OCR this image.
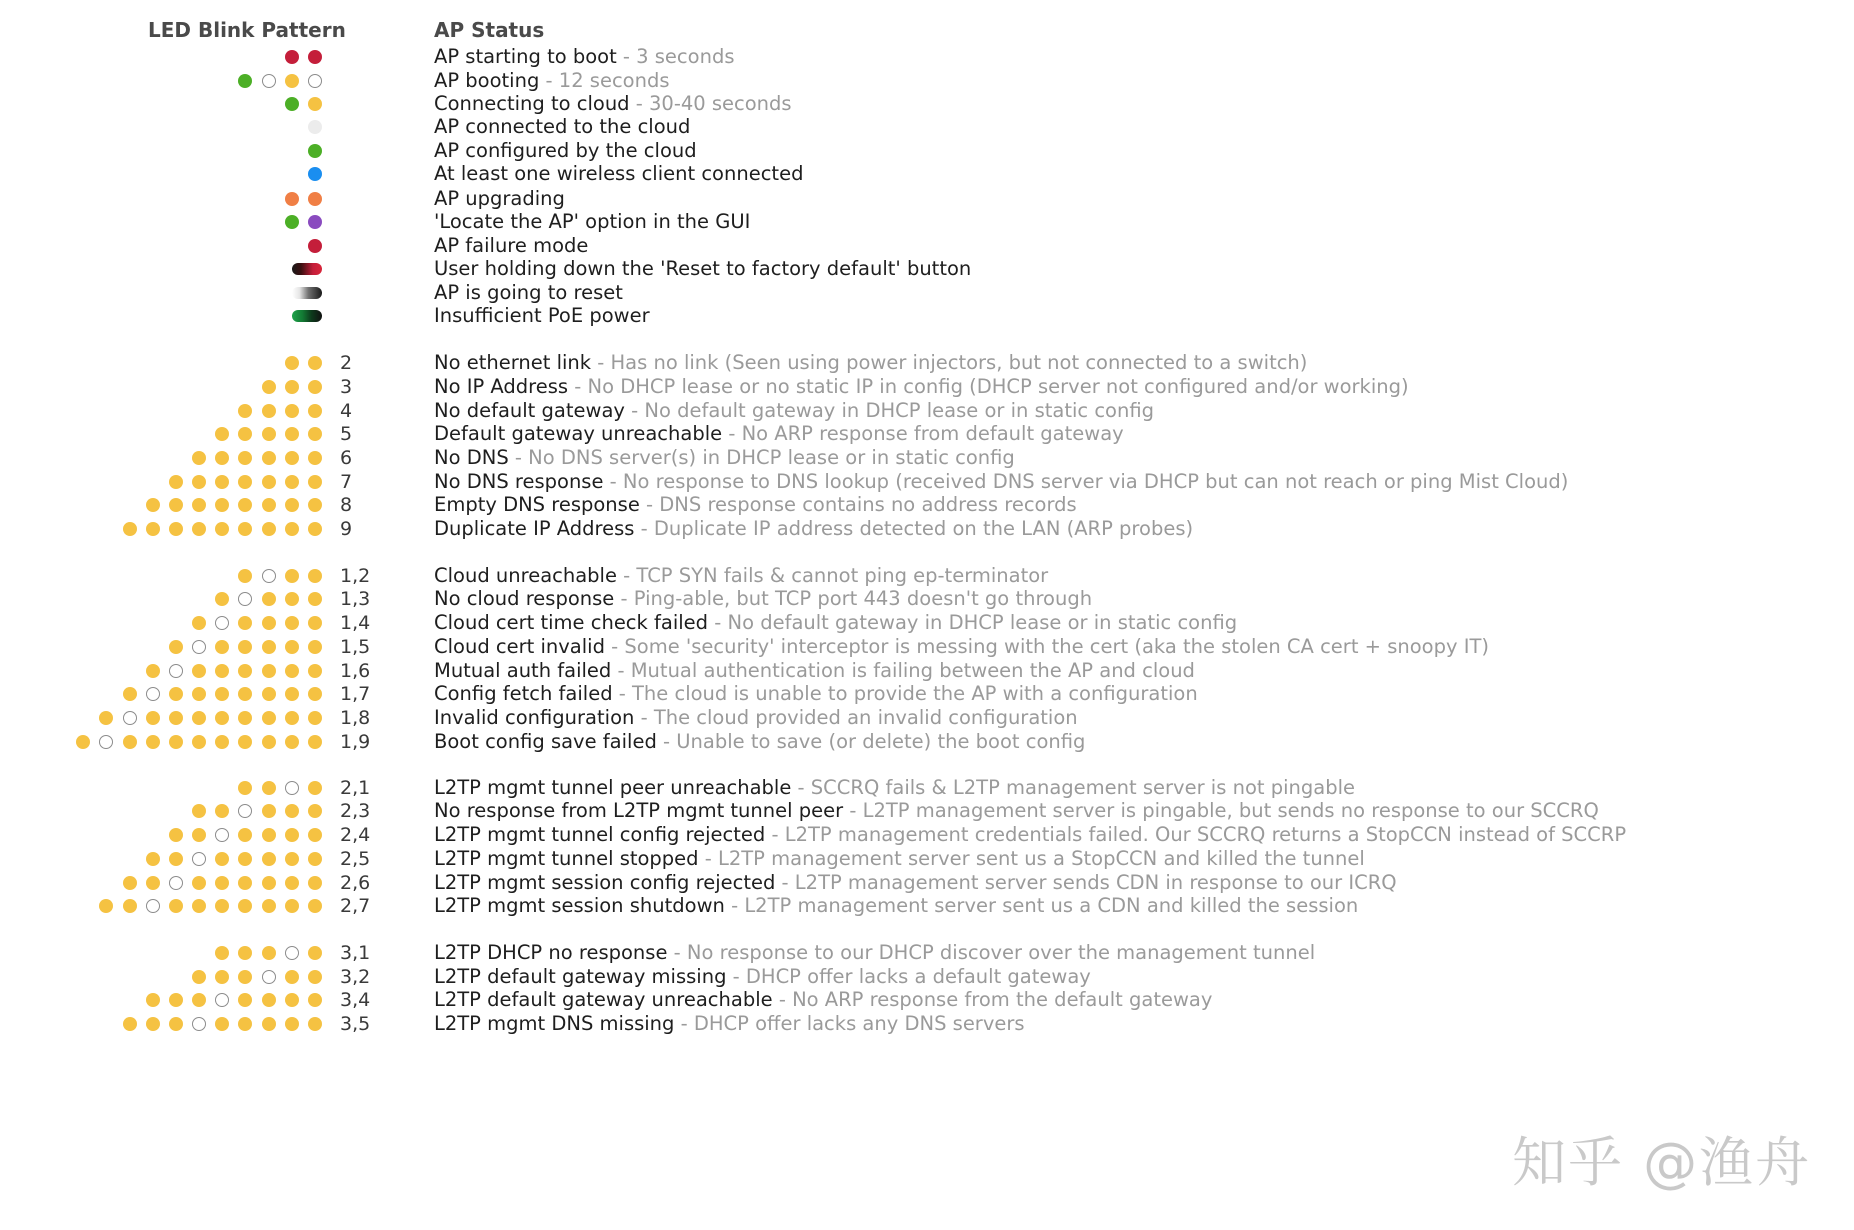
LED Blink Pattern	AP Status
AP starting to boot - 3 seconds
AP booting - 12 seconds
Connecting to cloud - 30-40 seconds
AP connected to the cloud
AP configured by the cloud
At least one wireless client connected
AP upgrading
'Locate the AP' option in the GUI
AP failure mode
User holding down the 'Reset to factory default' button
AP is going to reset
Insufficient PoE power
2	No ethernet link - Has no link (Seen using power injectors, but not connected to a switch)
3	No IP Address - No DHCP lease or no static IP in config (DHCP server not configured and/or working)
4	No default gateway - No default gateway in DHCP lease or in static config
5	Default gateway unreachable - No ARP response from default gateway
6	No DNS - No DNS server(s) in DHCP lease or in static config
7	No DNS response - No response to DNS lookup (received DNS server via DHCP but can not reach or ping Mist Cloud)
8	Empty DNS response - DNS response contains no address records
9	Duplicate IP Address - Duplicate IP address detected on the LAN (ARP probes)
1,2	Cloud unreachable - TCP SYN fails & cannot ping ep-terminator
1,3	No cloud response - Ping-able, but TCP port 443 doesn't go through
1,4	Cloud cert time check failed - No default gateway in DHCP lease or in static config
1,5	Cloud cert invalid - Some 'security' interceptor is messing with the cert (aka the stolen CA cert + snoopy IT)
1,6	Mutual auth failed - Mutual authentication is failing between the AP and cloud
1,7	Config fetch failed - The cloud is unable to provide the AP with a configuration
1,8	Invalid configuration - The cloud provided an invalid configuration
1,9	Boot config save failed - Unable to save (or delete) the boot config
2,1	L2TP mgmt tunnel peer unreachable - SCCRQ fails & L2TP management server is not pingable
2,3	No response from L2TP mgmt tunnel peer - L2TP management server is pingable, but sends no response to our SCCRQ
2,4	L2TP mgmt tunnel config rejected - L2TP management credentials failed. Our SCCRQ returns a StopCCN instead of SCCRP
2,5	L2TP mgmt tunnel stopped - L2TP management server sent us a StopCCN and killed the tunnel
2,6	L2TP mgmt session config rejected - L2TP management server sends CDN in response to our ICRQ
2,7	L2TP mgmt session shutdown - L2TP management server sent us a CDN and killed the session
3,1	L2TP DHCP no response - No response to our DHCP discover over the management tunnel
3,2	L2TP default gateway missing - DHCP offer lacks a default gateway
3,4	L2TP default gateway unreachable - No ARP response from the default gateway
3,5	L2TP mgmt DNS missing - DHCP offer lacks any DNS servers
知乎 @渔舟
